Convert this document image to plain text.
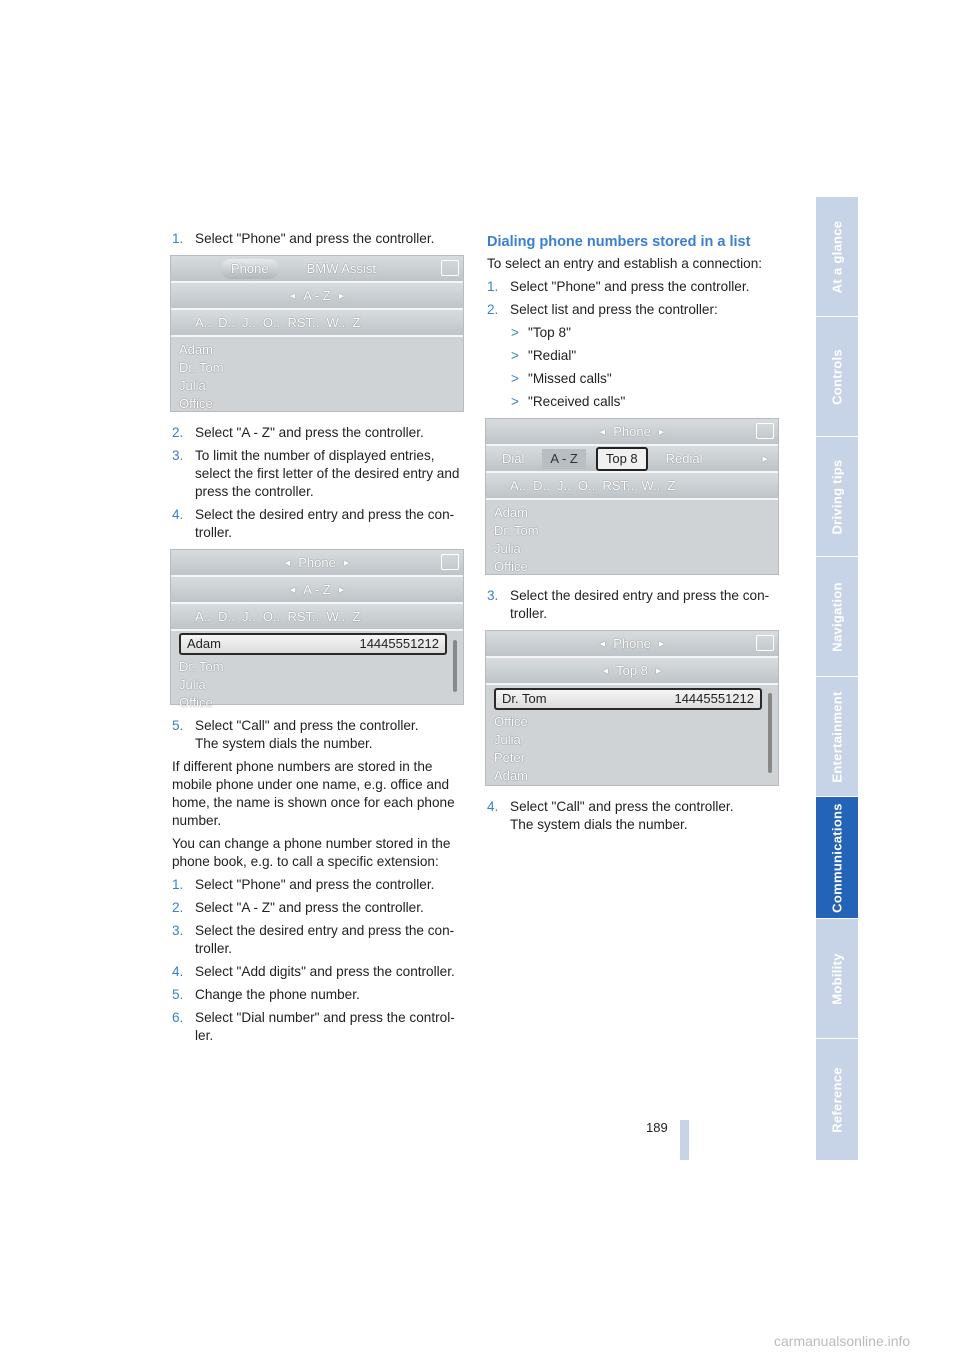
1. Select "Phone" and press the controller.
Phone	BMW Assist
◂ A - Z ▸
A..  D..  J..  O..  RST..  W..  Z
Adam
Dr. Tom
Julia
Office
2. Select "A - Z" and press the controller.
3. To limit the number of displayed entries, select the first letter of the desired entry and press the controller.
4. Select the desired entry and press the con-troller.
◂ Phone ▸
◂ A - Z ▸
A..  D..  J..  O..  RST..  W..  Z
Adam	14445551212
Dr. Tom
Julia
Office
5. Select "Call" and press the controller.
The system dials the number.

If different phone numbers are stored in the mobile phone under one name, e.g. office and home, the name is shown once for each phone number.

You can change a phone number stored in the phone book, e.g. to call a specific extension:

1. Select "Phone" and press the controller.
2. Select "A - Z" and press the controller.
3. Select the desired entry and press the con-troller.
4. Select "Add digits" and press the controller.
5. Change the phone number.
6. Select "Dial number" and press the control-ler.
Dialing phone numbers stored in a list

To select an entry and establish a connection:

1. Select "Phone" and press the controller.
2. Select list and press the controller:
> "Top 8"
> "Redial"
> "Missed calls"
> "Received calls"
◂ Phone ▸
Dial	A - Z	Top 8	Redial	▸
A..  D..  J..  O..  RST..  W..  Z
Adam
Dr. Tom
Julia
Office
3. Select the desired entry and press the con-troller.
◂ Phone ▸
◂ Top 8 ▸
Dr. Tom	14445551212
Office
Julia
Peter
Adam
4. Select "Call" and press the controller.
The system dials the number.
At a glance
Controls
Driving tips
Navigation
Entertainment
Communications
Mobility
Reference
189
carmanualsonline.info
